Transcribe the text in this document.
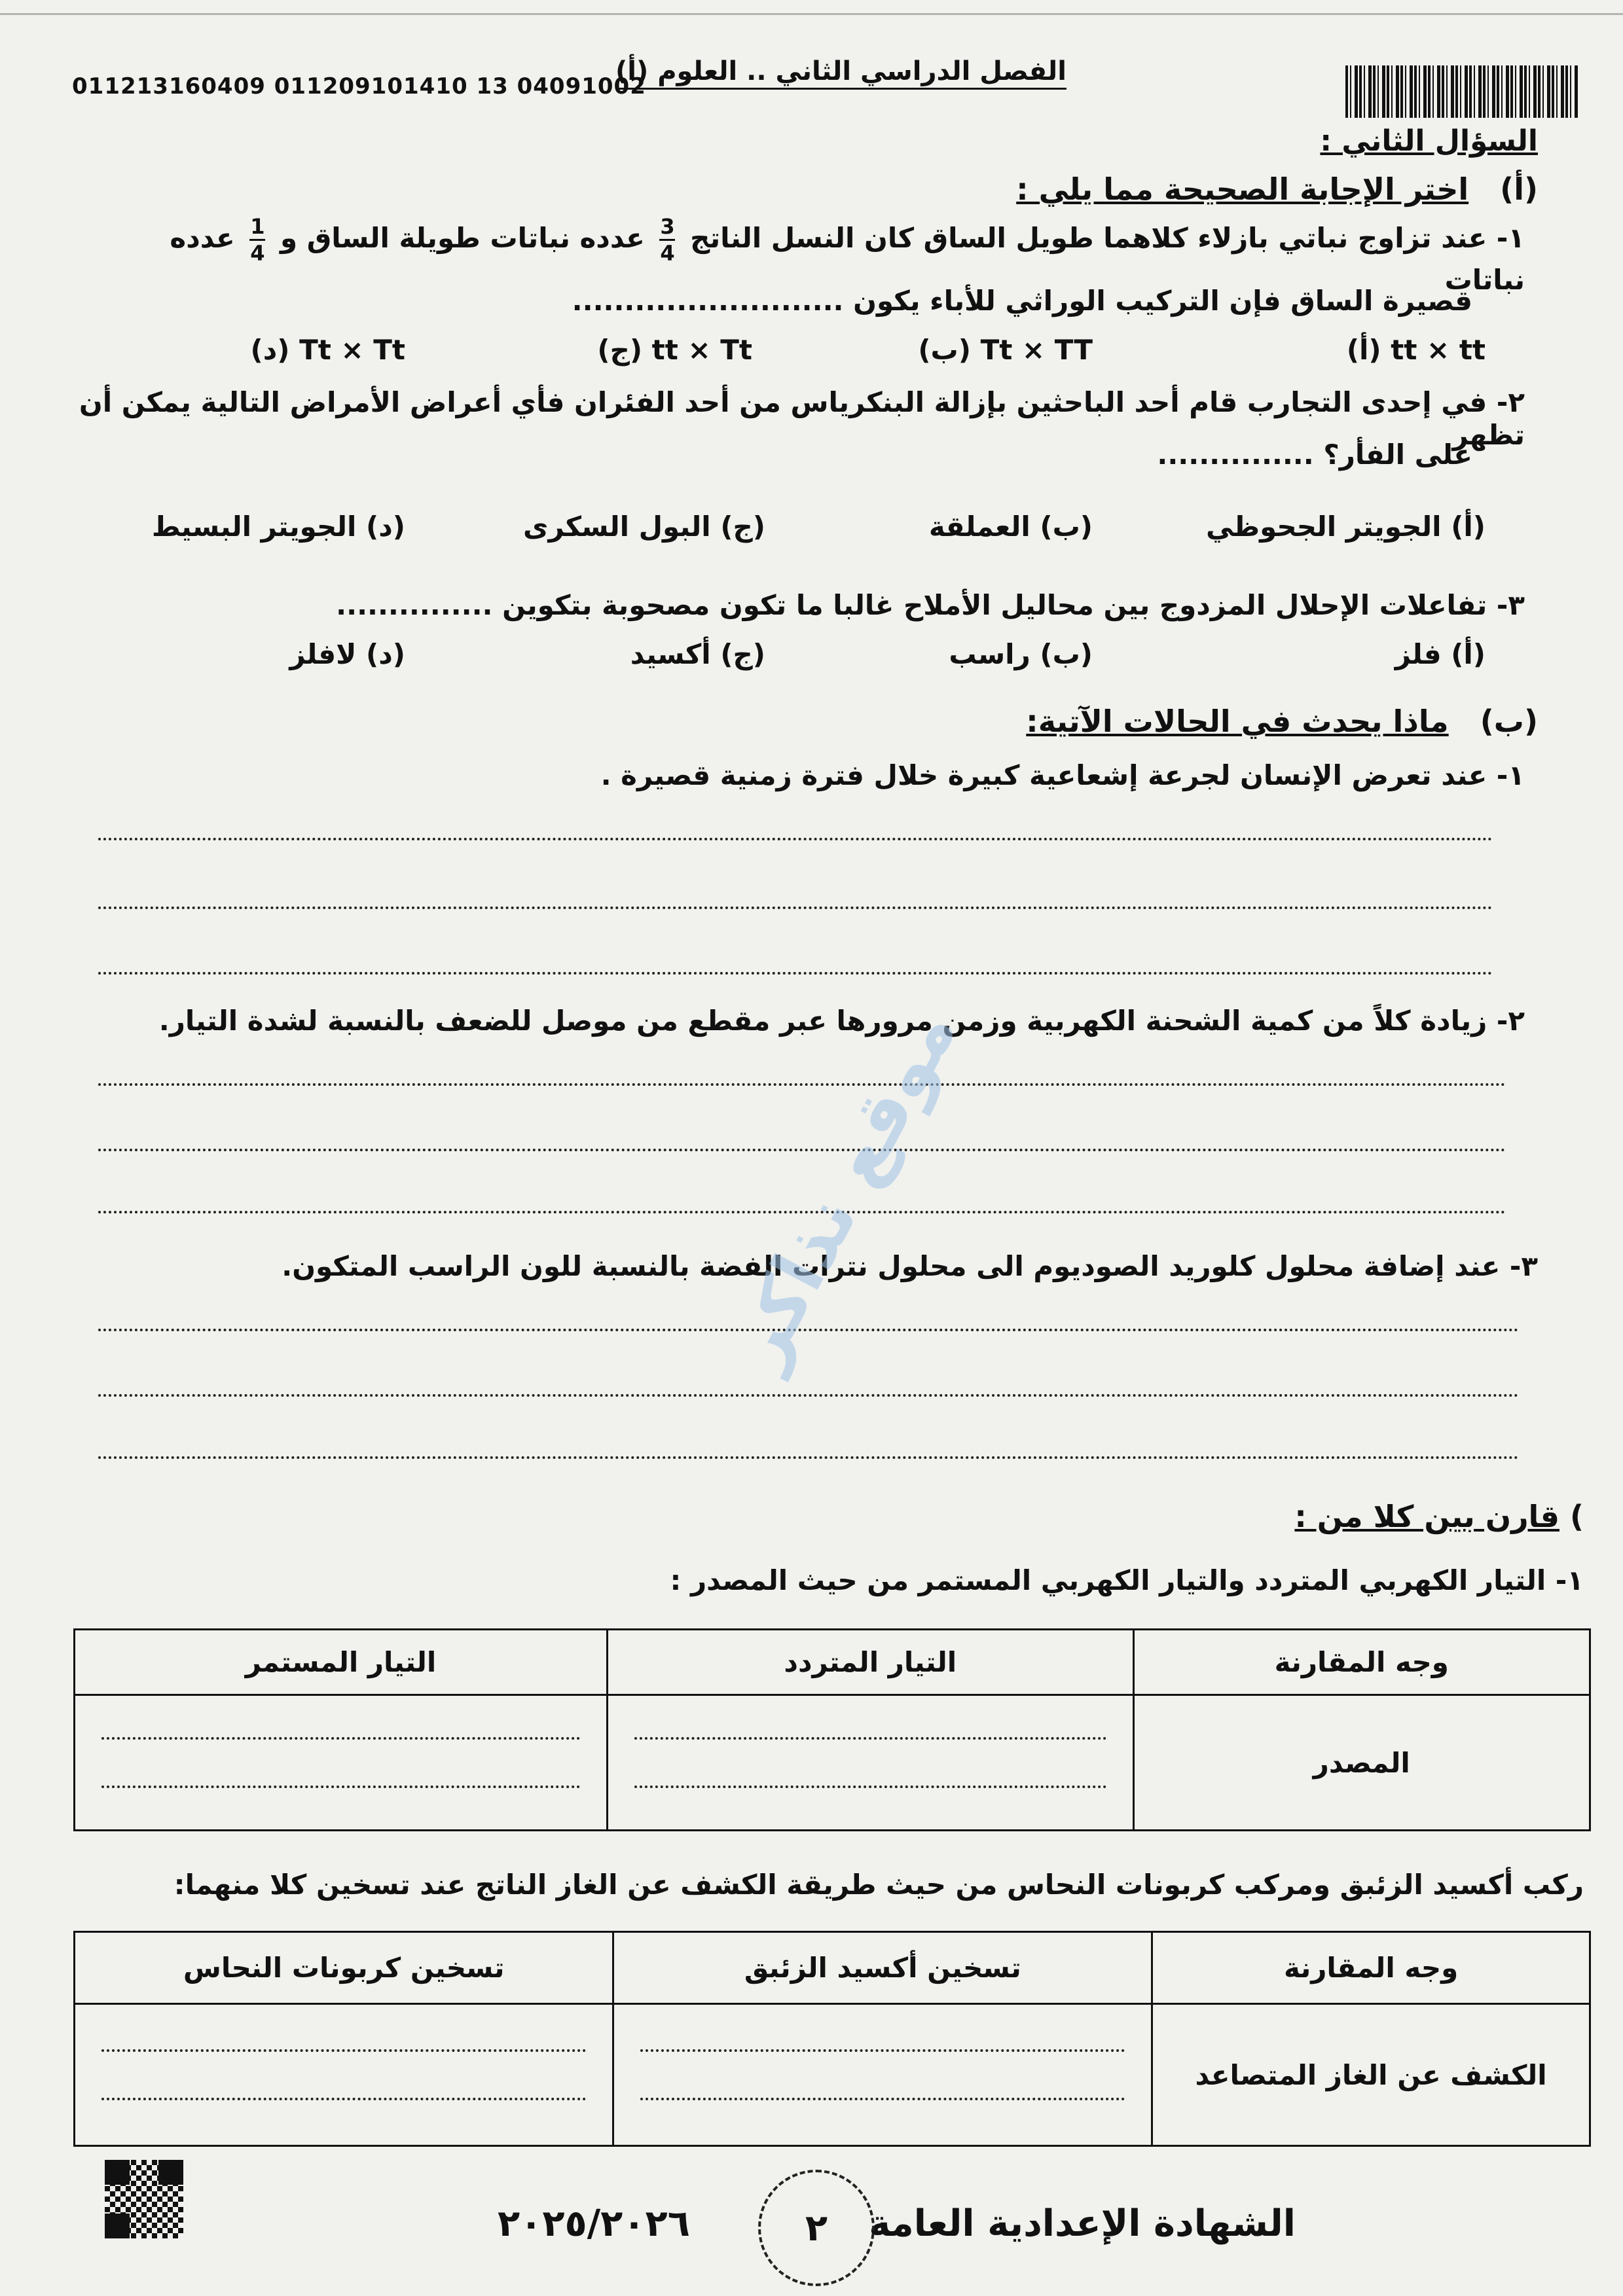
011213160409 011209101410 13 04091002
الفصل الدراسي الثاني .. العلوم (أ)
السؤال الثاني :
(أ)   اختر الإجابة الصحيحة مما يلي :
١- عند تزاوج نباتي بازلاء كلاهما طويل الساق كان النسل الناتج
$\frac{3}{4}$
عدده نباتات طويلة الساق و
$\frac{1}{4}$
عدده نباتات
قصيرة الساق فإن التركيب الوراثي للأباء يكون ..........................
(أ) tt × tt
(ب) Tt × TT
(ج) tt × Tt
(د) Tt × Tt
٢- في إحدى التجارب قام أحد الباحثين بإزالة البنكرياس من أحد الفئران فأي أعراض الأمراض التالية يمكن أن تظهر
على الفأر؟ ...............
(أ) الجويتر الجحوظي
(ب) العملقة
(ج) البول السكرى
(د) الجويتر البسيط
٣- تفاعلات الإحلال المزدوج بين محاليل الأملاح غالبا ما تكون مصحوبة بتكوين ...............
(أ) فلز
(ب) راسب
(ج) أكسيد
(د) لافلز
(ب)   ماذا يحدث في الحالات الآتية:
١- عند تعرض الإنسان لجرعة إشعاعية كبيرة خلال فترة زمنية قصيرة .
٢- زيادة كلاً من كمية الشحنة الكهربية وزمن مرورها عبر مقطع من موصل للضعف بالنسبة لشدة التيار.
٣- عند إضافة محلول كلوريد الصوديوم الى محلول نترات الفضة بالنسبة للون الراسب المتكون.
) قارن بين كلا من :
١- التيار الكهربي المتردد والتيار الكهربي المستمر من حيث المصدر :
وجه المقارنة	التيار المتردد	التيار المستمر
المصدر	

ركب أكسيد الزئبق ومركب كربونات النحاس من حيث طريقة الكشف عن الغاز الناتج عند تسخين كلا منهما:
وجه المقارنة	تسخين أكسيد الزئبق	تسخين كربونات النحاس
الكشف عن الغاز المتصاعد	

موقع نذاكر
الشهادة الإعدادية العامة
٢
٢٠٢٥/٢٠٢٦
